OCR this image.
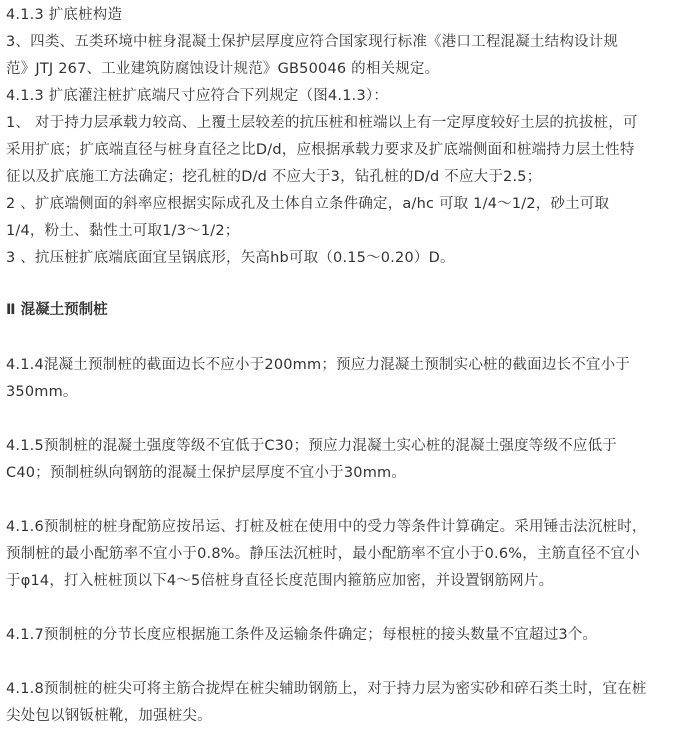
4.1.3 扩底桩构造
3、四类、五类环境中桩身混凝土保护层厚度应符合国家现行标准《港口工程混凝土结构设计规
范》JTJ 267、工业建筑防腐蚀设计规范》GB50046 的相关规定。
4.1.3 扩底灌注桩扩底端尺寸应符合下列规定（图4.1.3）：
1、 对于持力层承载力较高、上覆土层较差的抗压桩和桩端以上有一定厚度较好土层的抗拔桩，可
采用扩底；扩底端直径与桩身直径之比D/d，应根据承载力要求及扩底端侧面和桩端持力层土性特
征以及扩底施工方法确定；挖孔桩的D/d 不应大于3，钻孔桩的D/d 不应大于2.5；
2 、扩底端侧面的斜率应根据实际成孔及土体自立条件确定，a/hc 可取 1/4～1/2，砂土可取
1/4，粉土、黏性土可取1/3～1/2；
3 、抗压桩扩底端底面宜呈锅底形，矢高hb可取（0.15～0.20）D。
Ⅱ 混凝土预制桩
4.1.4混凝土预制桩的截面边长不应小于200mm；预应力混凝土预制实心桩的截面边长不宜小于
350mm。
4.1.5预制桩的混凝土强度等级不宜低于C30；预应力混凝土实心桩的混凝土强度等级不应低于
C40；预制桩纵向钢筋的混凝土保护层厚度不宜小于30mm。
4.1.6预制桩的桩身配筋应按吊运、打桩及桩在使用中的受力等条件计算确定。采用锤击法沉桩时，
预制桩的最小配筋率不宜小于0.8%。静压法沉桩时，最小配筋率不宜小于0.6%，主筋直径不宜小
于φ14，打入桩桩顶以下4～5倍桩身直径长度范围内箍筋应加密，并设置钢筋网片。
4.1.7预制桩的分节长度应根据施工条件及运输条件确定；每根桩的接头数量不宜超过3个。
4.1.8预制桩的桩尖可将主筋合拢焊在桩尖辅助钢筋上，对于持力层为密实砂和碎石类土时，宜在桩
尖处包以钢钣桩靴，加强桩尖。
